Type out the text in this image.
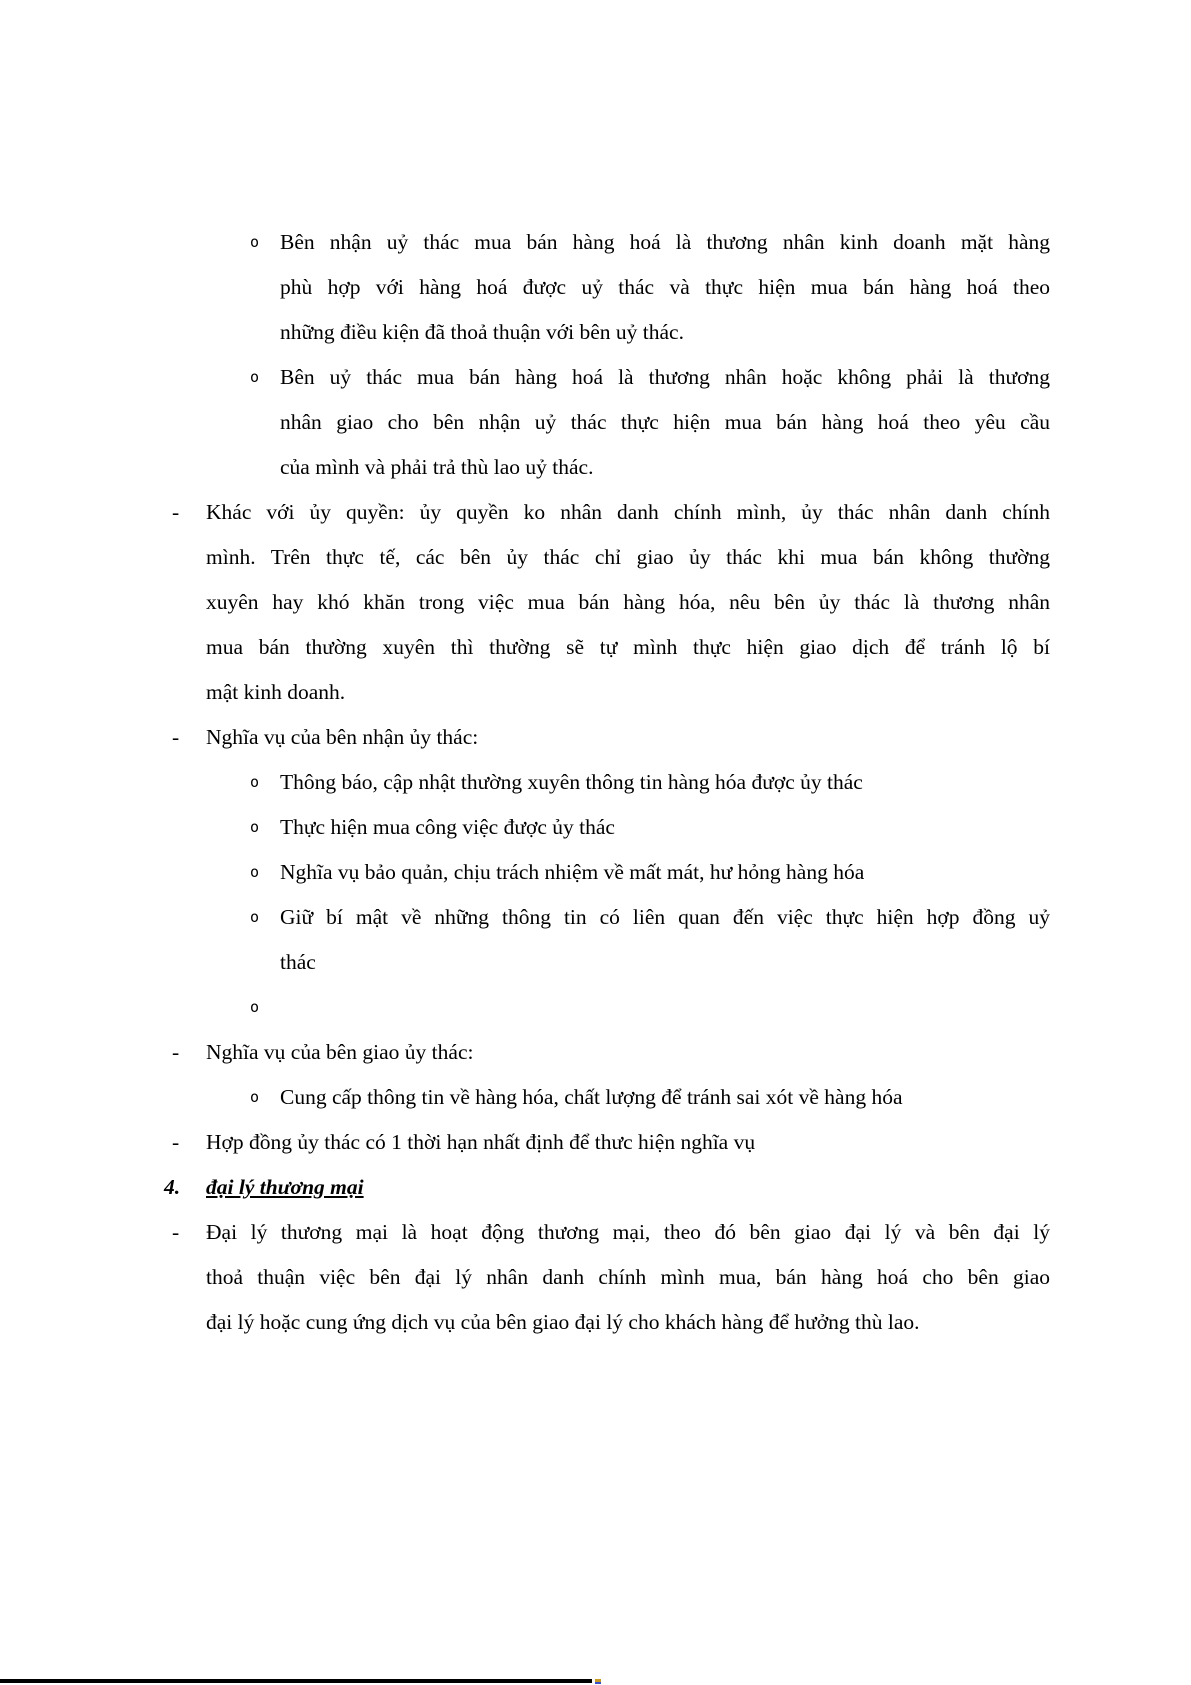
o Bên nhận uỷ thác mua bán hàng hoá là thương nhân kinh doanh mặt hàng
phù hợp với hàng hoá được uỷ thác và thực hiện mua bán hàng hoá theo
những điều kiện đã thoả thuận với bên uỷ thác.
o Bên uỷ thác mua bán hàng hoá là thương nhân hoặc không phải là thương
nhân giao cho bên nhận uỷ thác thực hiện mua bán hàng hoá theo yêu cầu
của mình và phải trả thù lao uỷ thác.
-	Khác với ủy quyền: ủy quyền ko nhân danh chính mình, ủy thác nhân danh chính
mình. Trên thực tế, các bên ủy thác chỉ giao ủy thác khi mua bán không thường
xuyên hay khó khăn trong việc mua bán hàng hóa, nêu bên ủy thác là thương nhân
mua bán thường xuyên thì thường sẽ tự mình thực hiện giao dịch để tránh lộ bí
mật kinh doanh.
-	Nghĩa vụ của bên nhận ủy thác:
o Thông báo, cập nhật thường xuyên thông tin hàng hóa được ủy thác
o Thực hiện mua công việc được ủy thác
o Nghĩa vụ bảo quản, chịu trách nhiệm về mất mát, hư hỏng hàng hóa
o Giữ bí mật về những thông tin có liên quan đến việc thực hiện hợp đồng uỷ
thác
o
-	Nghĩa vụ của bên giao ủy thác:
o Cung cấp thông tin về hàng hóa, chất lượng để tránh sai xót về hàng hóa
-	Hợp đồng ủy thác có 1 thời hạn nhất định để thưc hiện nghĩa vụ
4.	đại lý thương mại
-	Đại lý thương mại là hoạt động thương mại, theo đó bên giao đại lý và bên đại lý
thoả thuận việc bên đại lý nhân danh chính mình mua, bán hàng hoá cho bên giao
đại lý hoặc cung ứng dịch vụ của bên giao đại lý cho khách hàng để hưởng thù lao.
